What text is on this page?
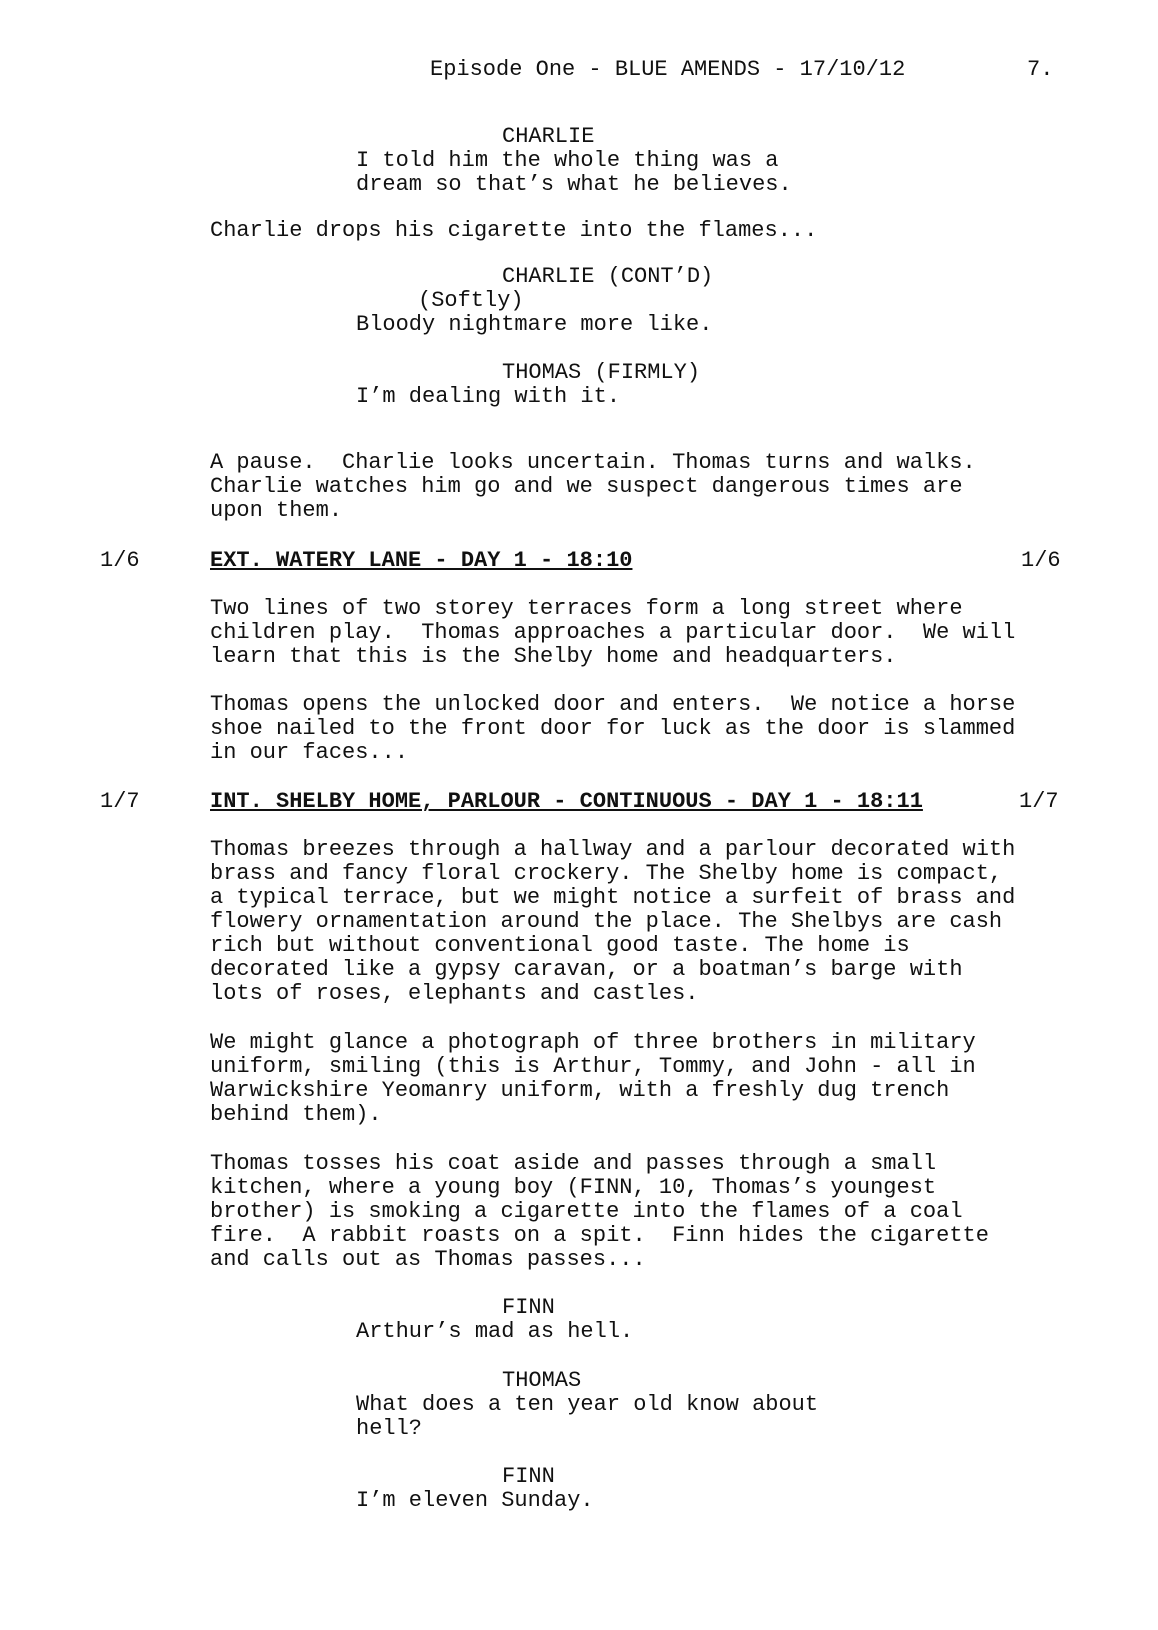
Episode One - BLUE AMENDS - 17/10/12	7.
CHARLIE
I told him the whole thing was a
dream so that’s what he believes.
Charlie drops his cigarette into the flames...
CHARLIE (CONT’D)
(Softly)
Bloody nightmare more like.
THOMAS (FIRMLY)
I’m dealing with it.
A pause.  Charlie looks uncertain. Thomas turns and walks.
Charlie watches him go and we suspect dangerous times are
upon them.
1/6	EXT. WATERY LANE - DAY 1 - 18:10	1/6
Two lines of two storey terraces form a long street where
children play.  Thomas approaches a particular door.  We will
learn that this is the Shelby home and headquarters.
Thomas opens the unlocked door and enters.  We notice a horse
shoe nailed to the front door for luck as the door is slammed
in our faces...
1/7	INT. SHELBY HOME, PARLOUR - CONTINUOUS - DAY 1 - 18:11	1/7
Thomas breezes through a hallway and a parlour decorated with
brass and fancy floral crockery. The Shelby home is compact,
a typical terrace, but we might notice a surfeit of brass and
flowery ornamentation around the place. The Shelbys are cash
rich but without conventional good taste. The home is
decorated like a gypsy caravan, or a boatman’s barge with
lots of roses, elephants and castles.
We might glance a photograph of three brothers in military
uniform, smiling (this is Arthur, Tommy, and John - all in
Warwickshire Yeomanry uniform, with a freshly dug trench
behind them).
Thomas tosses his coat aside and passes through a small
kitchen, where a young boy (FINN, 10, Thomas’s youngest
brother) is smoking a cigarette into the flames of a coal
fire.  A rabbit roasts on a spit.  Finn hides the cigarette
and calls out as Thomas passes...
FINN
Arthur’s mad as hell.
THOMAS
What does a ten year old know about
hell?
FINN
I’m eleven Sunday.
